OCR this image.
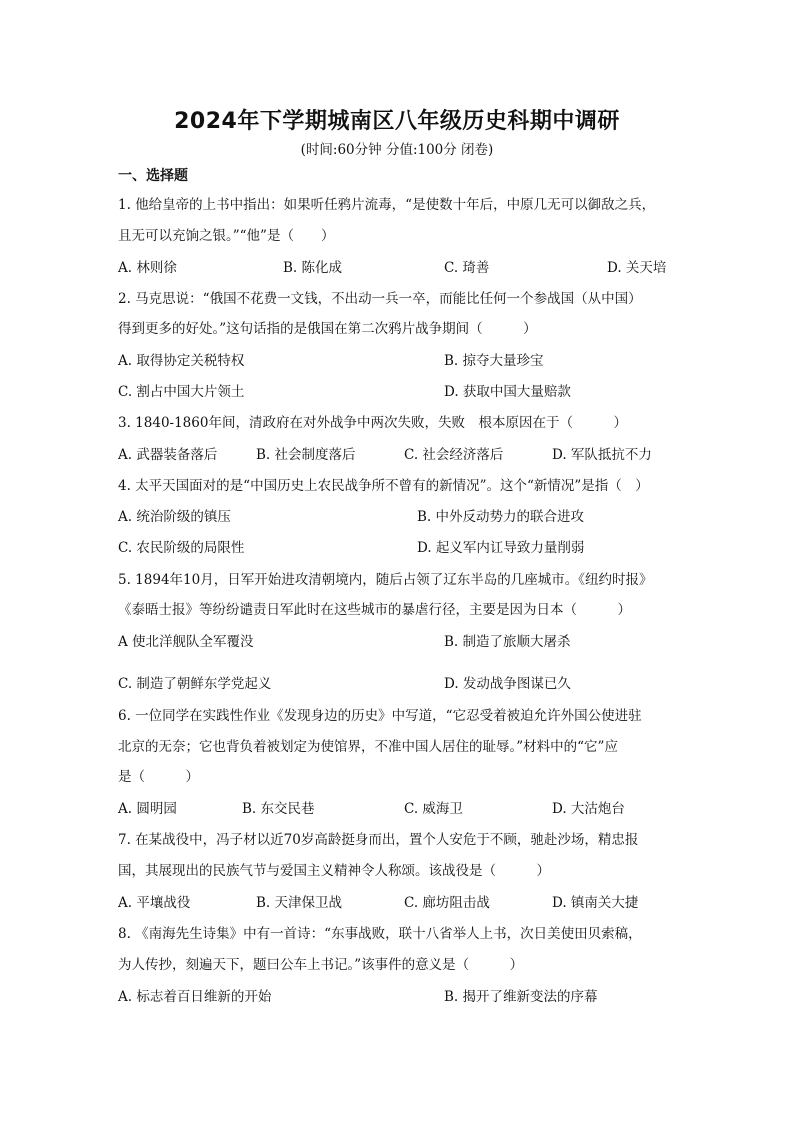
2024年下学期城南区八年级历史科期中调研
(时间:60分钟 分值:100分 闭卷)
一、选择题
1. 他给皇帝的上书中指出：如果听任鸦片流毒，“是使数十年后，中原几无可以御敌之兵，
且无可以充饷之银。”“他”是（　　）
A. 林则徐	B. 陈化成	C. 琦善	D. 关天培
2. 马克思说：“俄国不花费一文钱，不出动一兵一卒，而能比任何一个参战国（从中国）
得到更多的好处。”这句话指的是俄国在第二次鸦片战争期间（　　　）
A. 取得协定关税特权	B. 掠夺大量珍宝
C. 割占中国大片领土	D. 获取中国大量赔款
3. 1840-1860年间，清政府在对外战争中两次失败，失败　根本原因在于（　　　）
A. 武器装备落后	B. 社会制度落后	C. 社会经济落后	D. 军队抵抗不力
4. 太平天国面对的是“中国历史上农民战争所不曾有的新情况”。这个“新情况”是指（　）
A. 统治阶级的镇压	B. 中外反动势力的联合进攻
C. 农民阶级的局限性	D. 起义军内讧导致力量削弱
5. 1894年10月，日军开始进攻清朝境内，随后占领了辽东半岛的几座城市。《纽约时报》
《泰晤士报》等纷纷谴责日军此时在这些城市的暴虐行径，主要是因为日本（　　　）
A 使北洋舰队全军覆没	B. 制造了旅顺大屠杀
C. 制造了朝鲜东学党起义	D. 发动战争图谋已久
6. 一位同学在实践性作业《发现身边的历史》中写道，“它忍受着被迫允许外国公使进驻
北京的无奈；它也背负着被划定为使馆界，不准中国人居住的耻辱。”材料中的“它”应
是（　　　）
A. 圆明园	B. 东交民巷	C. 威海卫	D. 大沽炮台
7. 在某战役中，冯子材以近70岁高龄挺身而出，置个人安危于不顾，驰赴沙场，精忠报
国，其展现出的民族气节与爱国主义精神令人称颂。该战役是（　　　）
A. 平壤战役	B. 天津保卫战	C. 廊坊阻击战	D. 镇南关大捷
8. 《南海先生诗集》中有一首诗：“东事战败，联十八省举人上书，次日美使田贝索稿，
为人传抄，刻遍天下，题曰公车上书记。”该事件的意义是（　　　）
A. 标志着百日维新的开始	B. 揭开了维新变法的序幕
